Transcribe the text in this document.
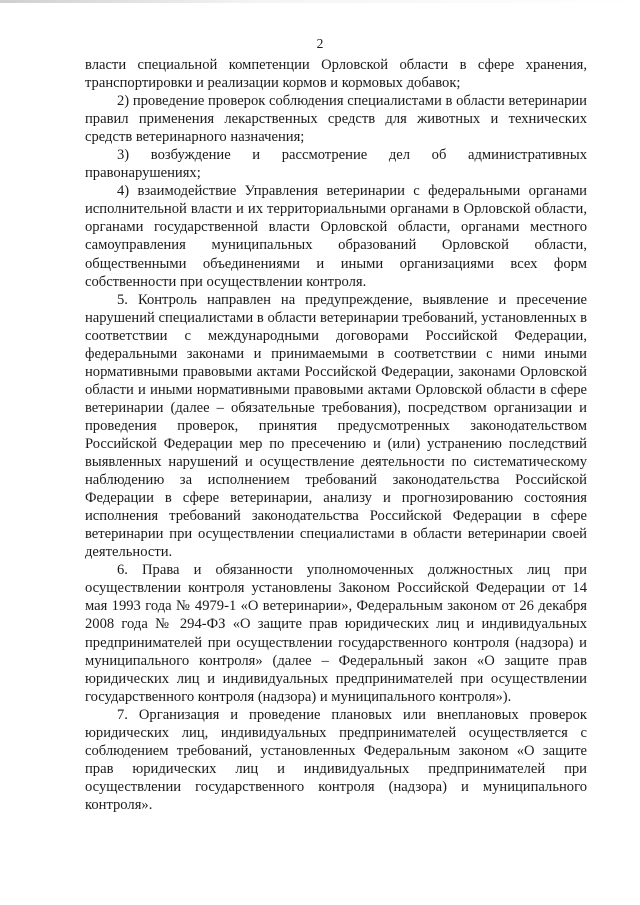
2

власти специальной компетенции Орловской области в сфере хранения, транспортировки и реализации кормов и кормовых добавок;

2) проведение проверок соблюдения специалистами в области ветеринарии правил применения лекарственных средств для животных и технических средств ветеринарного назначения;

3) возбуждение и рассмотрение дел об административных правонарушениях;

4) взаимодействие Управления ветеринарии с федеральными органами исполнительной власти и их территориальными органами в Орловской области, органами государственной власти Орловской области, органами местного самоуправления муниципальных образований Орловской области, общественными объединениями и иными организациями всех форм собственности при осуществлении контроля.

5. Контроль направлен на предупреждение, выявление и пресечение нарушений специалистами в области ветеринарии требований, установленных в соответствии с международными договорами Российской Федерации, федеральными законами и принимаемыми в соответствии с ними иными нормативными правовыми актами Российской Федерации, законами Орловской области и иными нормативными правовыми актами Орловской области в сфере ветеринарии (далее – обязательные требования), посредством организации и проведения проверок, принятия предусмотренных законодательством Российской Федерации мер по пресечению и (или) устранению последствий выявленных нарушений и осуществление деятельности по систематическому наблюдению за исполнением требований законодательства Российской Федерации в сфере ветеринарии, анализу и прогнозированию состояния исполнения требований законодательства Российской Федерации в сфере ветеринарии при осуществлении специалистами в области ветеринарии своей деятельности.

6. Права и обязанности уполномоченных должностных лиц при осуществлении контроля установлены Законом Российской Федерации от 14 мая 1993 года № 4979-1 «О ветеринарии», Федеральным законом от 26 декабря 2008 года № 294-ФЗ «О защите прав юридических лиц и индивидуальных предпринимателей при осуществлении государственного контроля (надзора) и муниципального контроля» (далее – Федеральный закон «О защите прав юридических лиц и индивидуальных предпринимателей при осуществлении государственного контроля (надзора) и муниципального контроля»).

7. Организация и проведение плановых или внеплановых проверок юридических лиц, индивидуальных предпринимателей осуществляется с соблюдением требований, установленных Федеральным законом «О защите прав юридических лиц и индивидуальных предпринимателей при осуществлении государственного контроля (надзора) и муниципального контроля».
